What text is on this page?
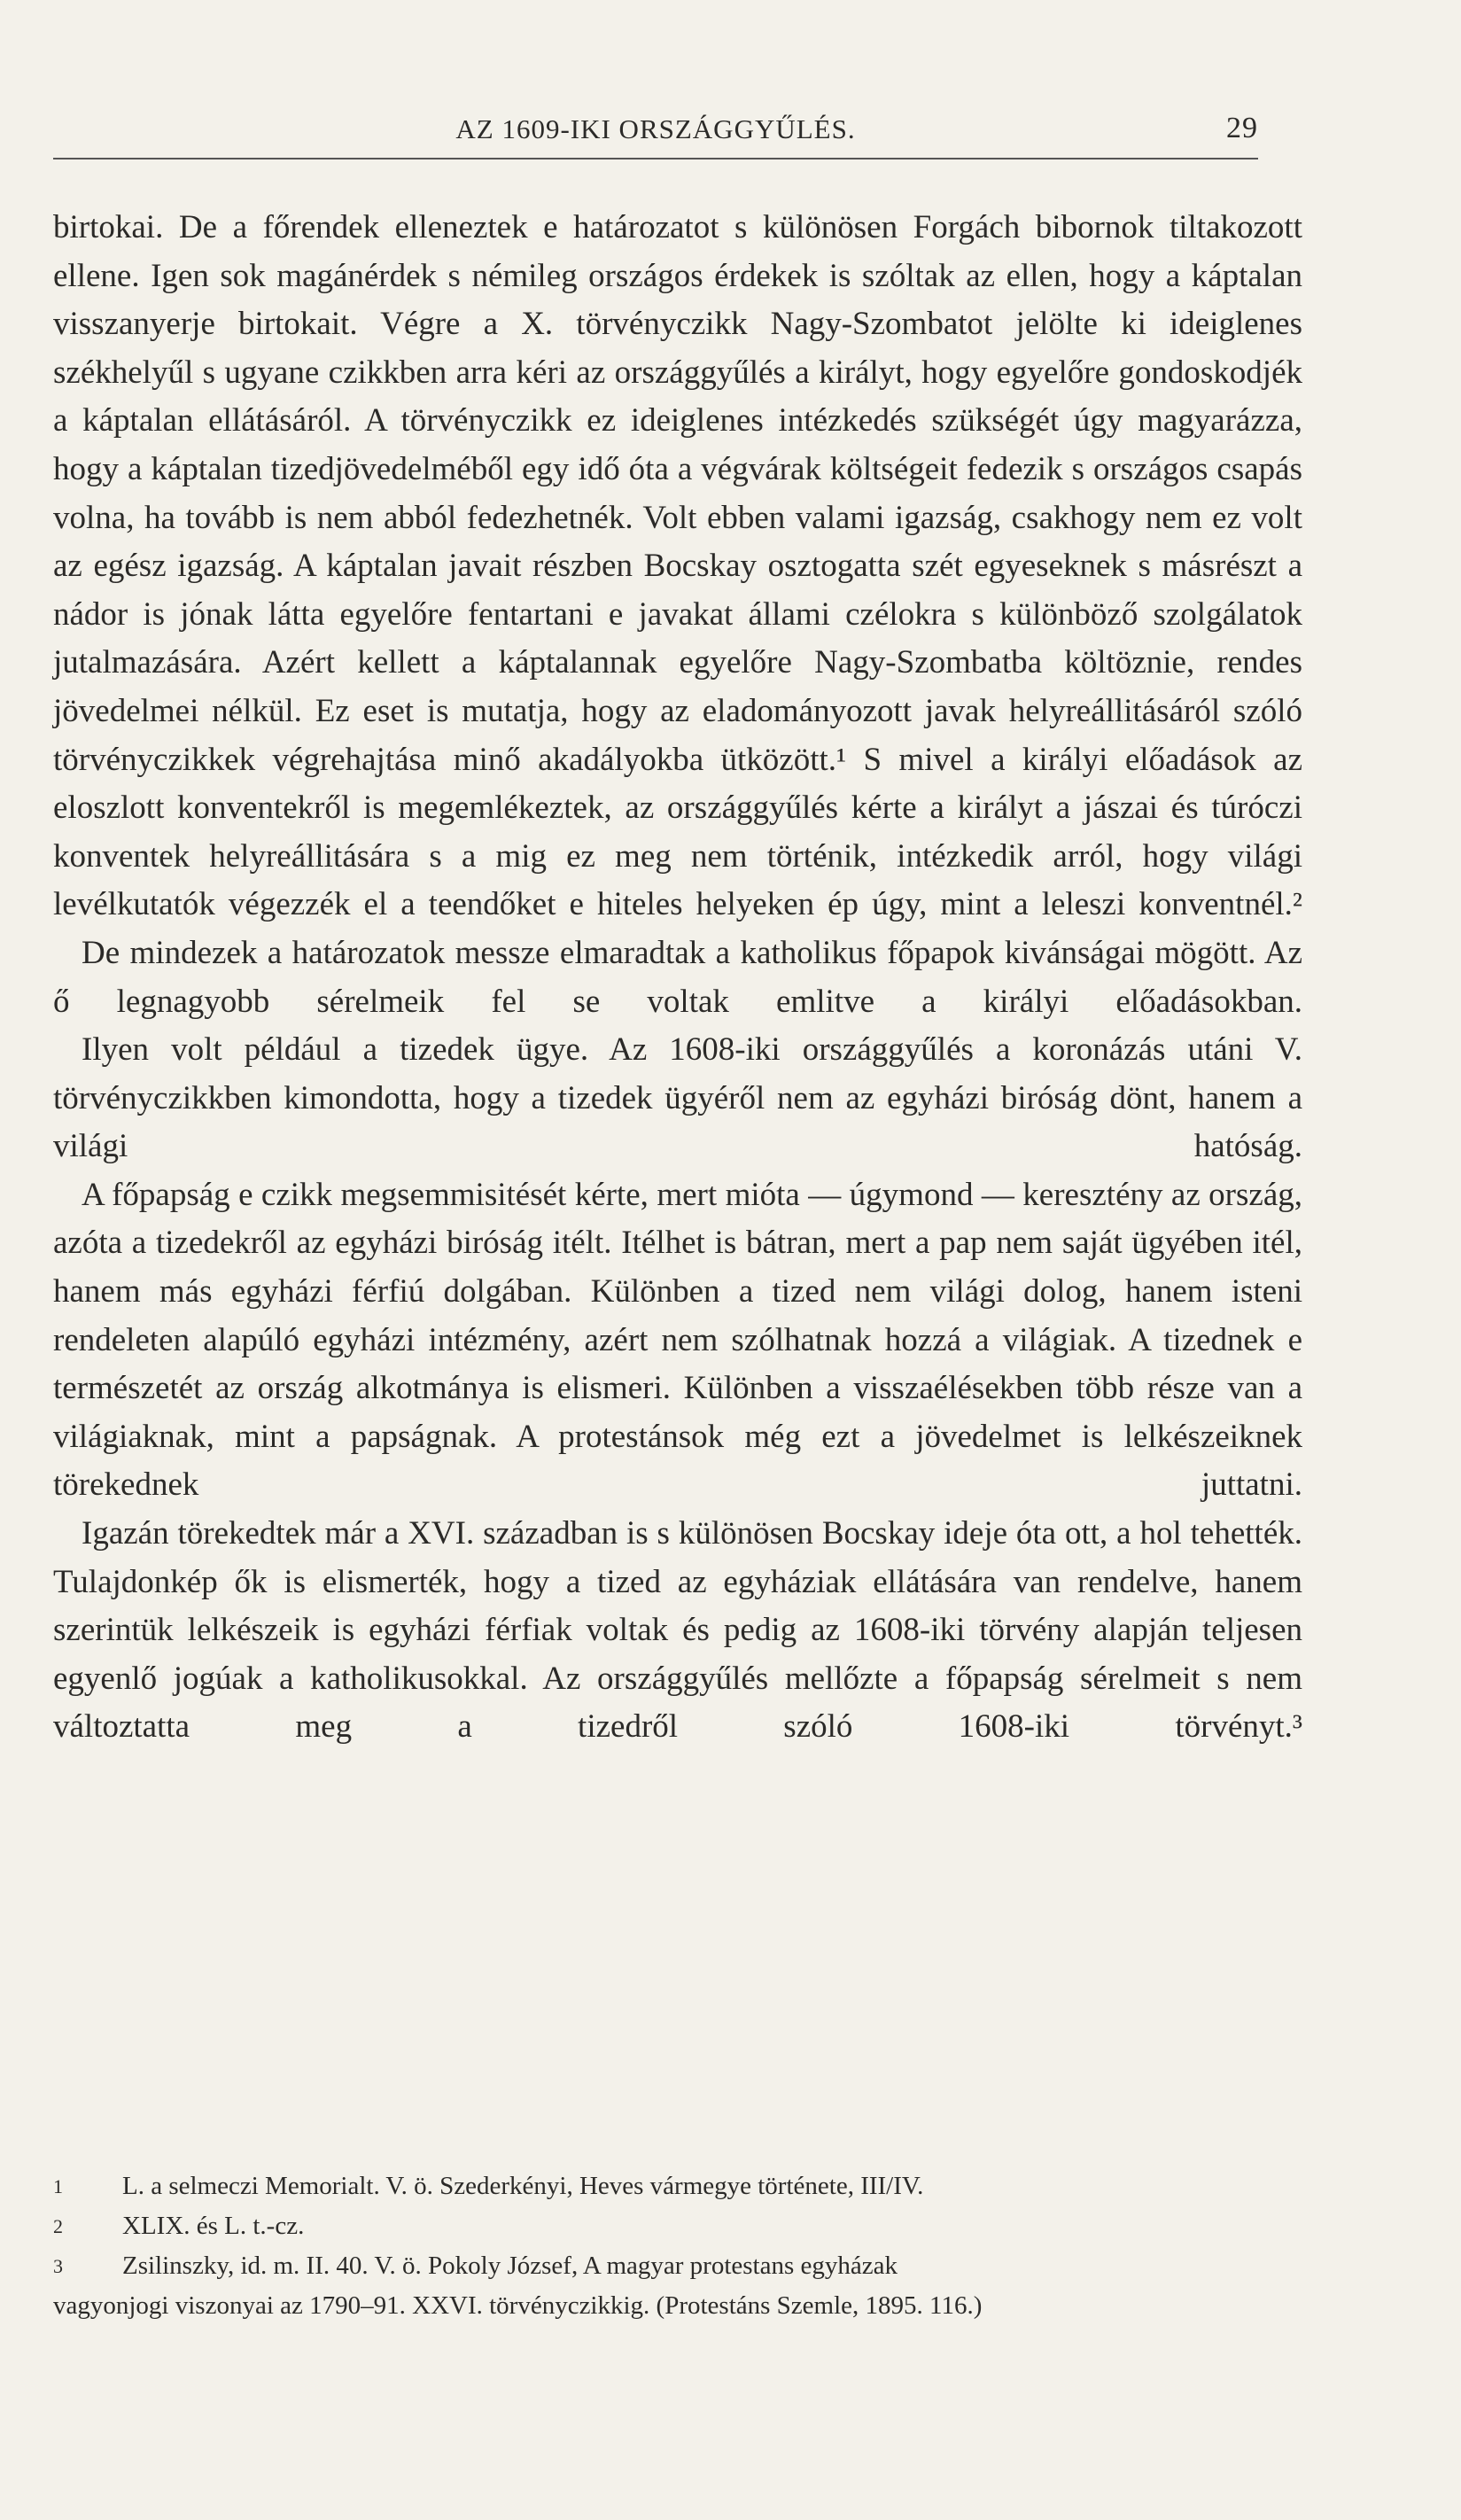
AZ 1609-IKI ORSZÁGGYŰLÉS.	29

birtokai. De a főrendek elleneztek e határozatot s különösen Forgách bibornok tiltakozott ellene. Igen sok magánérdek s némileg országos érdekek is szóltak az ellen, hogy a káptalan visszanyerje birtokait. Végre a X. törvényczikk Nagy-Szombatot jelölte ki ideiglenes székhelyűl s ugyane czikkben arra kéri az országgyűlés a királyt, hogy egyelőre gondoskodjék a káptalan ellátásáról. A törvényczikk ez ideiglenes intézkedés szükségét úgy magyarázza, hogy a káptalan tizedjövedelméből egy idő óta a végvárak költségeit fedezik s országos csapás volna, ha tovább is nem abból fedezhetnék. Volt ebben valami igazság, csakhogy nem ez volt az egész igazság. A káptalan javait részben Bocskay osztogatta szét egyeseknek s másrészt a nádor is jónak látta egyelőre fentartani e javakat állami czélokra s különböző szolgálatok jutalmazására. Azért kellett a káptalannak egyelőre Nagy-Szombatba költöznie, rendes jövedelmei nélkül. Ez eset is mutatja, hogy az eladományozott javak helyreállitásáról szóló törvényczikkek végrehajtása minő akadályokba ütközött.¹ S mivel a királyi előadások az eloszlott konventekről is megemlékeztek, az országgyűlés kérte a királyt a jászai és túróczi konventek helyreállitására s a mig ez meg nem történik, intézkedik arról, hogy világi levélkutatók végezzék el a teendőket e hiteles helyeken ép úgy, mint a leleszi konventnél.²

De mindezek a határozatok messze elmaradtak a katholikus főpapok kivánságai mögött. Az ő legnagyobb sérelmeik fel se voltak emlitve a királyi előadásokban.

Ilyen volt például a tizedek ügye. Az 1608-iki országgyűlés a koronázás utáni V. törvényczikkben kimondotta, hogy a tizedek ügyéről nem az egyházi biróság dönt, hanem a világi hatóság.

A főpapság e czikk megsemmisitését kérte, mert mióta — úgymond — keresztény az ország, azóta a tizedekről az egyházi biróság itélt. Itélhet is bátran, mert a pap nem saját ügyében itél, hanem más egyházi férfiú dolgában. Különben a tized nem világi dolog, hanem isteni rendeleten alapúló egyházi intézmény, azért nem szólhatnak hozzá a világiak. A tizednek e természetét az ország alkotmánya is elismeri. Különben a visszaélésekben több része van a világiaknak, mint a papságnak. A protestánsok még ezt a jövedelmet is lelkészeiknek törekednek juttatni.

Igazán törekedtek már a XVI. században is s különösen Bocskay ideje óta ott, a hol tehették. Tulajdonkép ők is elismerték, hogy a tized az egyháziak ellátására van rendelve, hanem szerintük lelkészeik is egyházi férfiak voltak és pedig az 1608-iki törvény alapján teljesen egyenlő jogúak a katholikusokkal. Az országgyűlés mellőzte a főpapság sérelmeit s nem változtatta meg a tizedről szóló 1608-iki törvényt.³

1 L. a selmeczi Memorialt. V. ö. Szederkényi, Heves vármegye története, III/IV.

2 XLIX. és L. t.-cz.

3 Zsilinszky, id. m. II. 40. V. ö. Pokoly József, A magyar protestans egyházak

vagyonjogi viszonyai az 1790–91. XXVI. törvényczikkig. (Protestáns Szemle, 1895. 116.)
